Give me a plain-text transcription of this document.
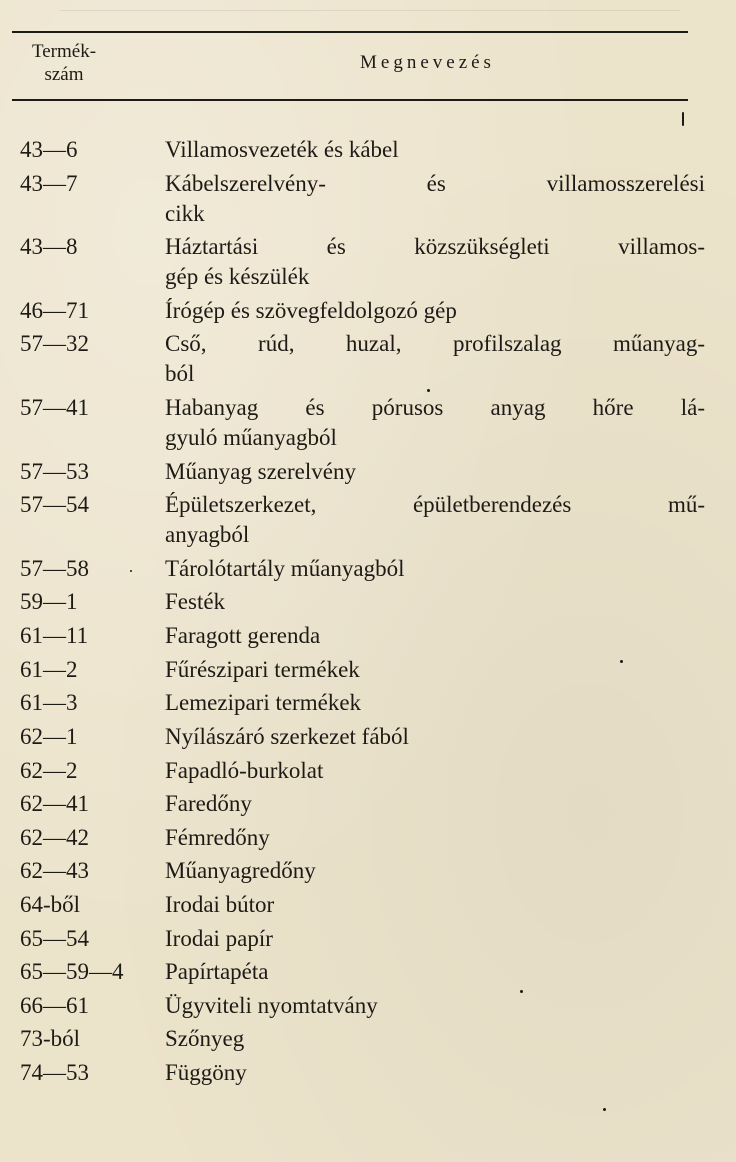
Termék-
szám
Megnevezés
43—6	Villamosvezeték és kábel
43—7	Kábelszerelvény- és villamosszerelési
cikk
43—8	Háztartási és közszükségleti villamos-
gép és készülék
46—71	Írógép és szövegfeldolgozó gép
57—32	Cső, rúd, huzal, profilszalag műanyag-
ból
57—41	Habanyag és pórusos anyag hőre lá-
gyuló műanyagból
57—53	Műanyag szerelvény
57—54	Épületszerkezet, épületberendezés mű-
anyagból
57—58	Tárolótartály műanyagból
59—1	Festék
61—11	Faragott gerenda
61—2	Fűrészipari termékek
61—3	Lemezipari termékek
62—1	Nyílászáró szerkezet fából
62—2	Fapadló-burkolat
62—41	Faredőny
62—42	Fémredőny
62—43	Műanyagredőny
64-ből	Irodai bútor
65—54	Irodai papír
65—59—4 Papírtapéta
66—61	Ügyviteli nyomtatvány
73-ból	Szőnyeg
74—53	Függöny
